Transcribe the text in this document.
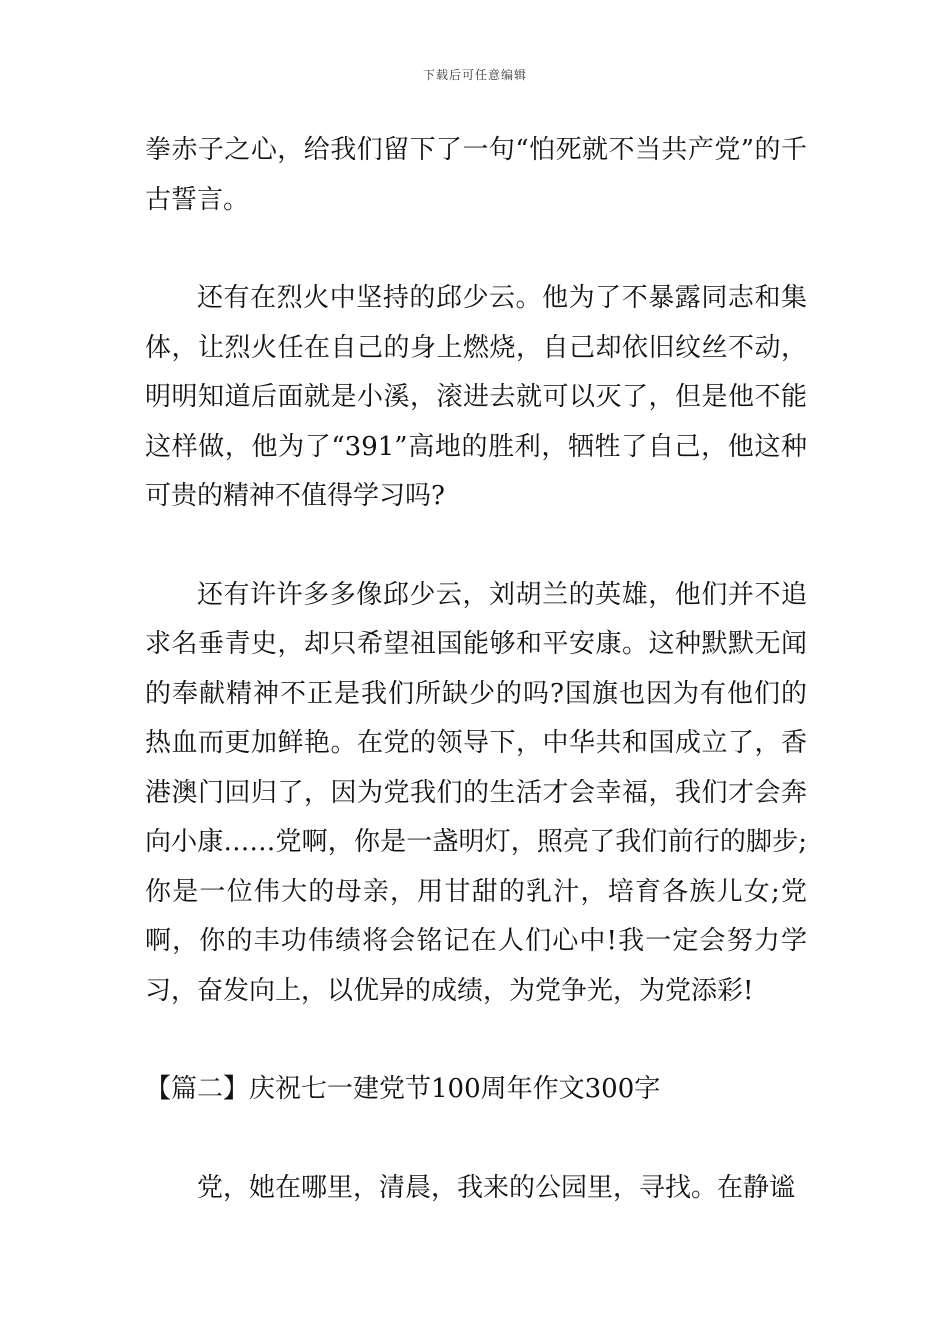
下载后可任意编辑

拳赤子之心，给我们留下了一句“怕死就不当共产党”的千古誓言。

还有在烈火中坚持的邱少云。他为了不暴露同志和集体，让烈火任在自己的身上燃烧，自己却依旧纹丝不动，明明知道后面就是小溪，滚进去就可以灭了，但是他不能这样做，他为了“391”高地的胜利，牺牲了自己，他这种可贵的精神不值得学习吗?

还有许许多多像邱少云，刘胡兰的英雄，他们并不追求名垂青史，却只希望祖国能够和平安康。这种默默无闻的奉献精神不正是我们所缺少的吗?国旗也因为有他们的热血而更加鲜艳。在党的领导下，中华共和国成立了，香港澳门回归了，因为党我们的生活才会幸福，我们才会奔向小康……党啊，你是一盏明灯，照亮了我们前行的脚步;你是一位伟大的母亲，用甘甜的乳汁，培育各族儿女;党啊，你的丰功伟绩将会铭记在人们心中!我一定会努力学习，奋发向上，以优异的成绩，为党争光，为党添彩!

【篇二】庆祝七一建党节100周年作文300字

党，她在哪里，清晨，我来的公园里，寻找。在静谧
